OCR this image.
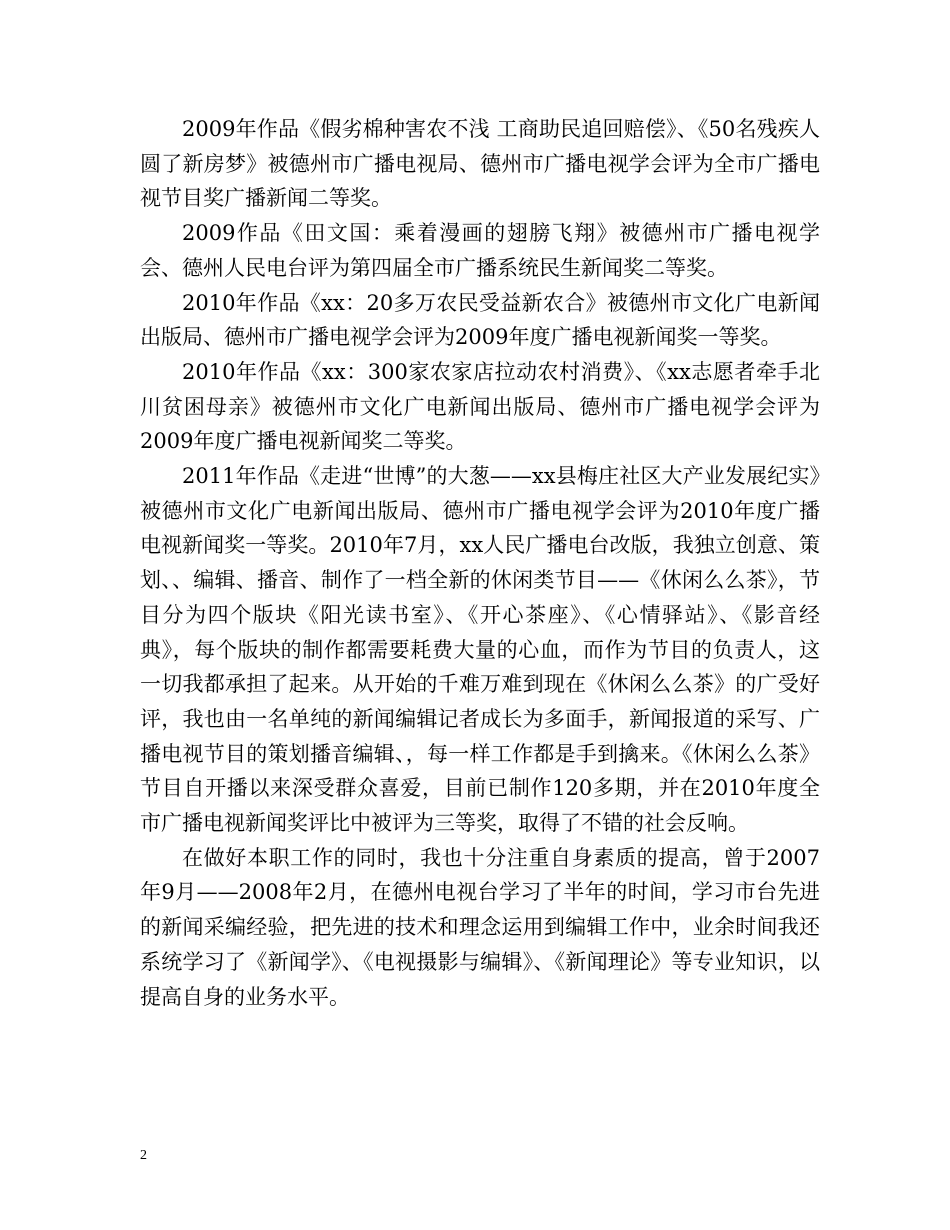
2009年作品《假劣棉种害农不浅 工商助民追回赔偿》、《50名残疾人 圆了新房梦》被德州市广播电视局、德州市广播电视学会评为全市广播电视节目奖广播新闻二等奖。

2009作品《田文国：乘着漫画的翅膀飞翔》被德州市广播电视学会、德州人民电台评为第四届全市广播系统民生新闻奖二等奖。

2010年作品《xx：20多万农民受益新农合》被德州市文化广电新闻出版局、德州市广播电视学会评为2009年度广播电视新闻奖一等奖。

2010年作品《xx：300家农家店拉动农村消费》、《xx志愿者牵手北川贫困母亲》被德州市文化广电新闻出版局、德州市广播电视学会评为2009年度广播电视新闻奖二等奖。

2011年作品《走进“世博”的大葱——xx县梅庄社区大产业发展纪实》被德州市文化广电新闻出版局、德州市广播电视学会评为2010年度广播电视新闻奖一等奖。2010年7月，xx人民广播电台改版，我独立创意、策划、、编辑、播音、制作了一档全新的休闲类节目——《休闲么么茶》，节目分为四个版块《阳光读书室》、《开心茶座》、《心情驿站》、《影音经典》，每个版块的制作都需要耗费大量的心血，而作为节目的负责人，这一切我都承担了起来。从开始的千难万难到现在《休闲么么茶》的广受好评，我也由一名单纯的新闻编辑记者成长为多面手，新闻报道的采写、广播电视节目的策划播音编辑、，每一样工作都是手到擒来。《休闲么么茶》节目自开播以来深受群众喜爱，目前已制作120多期，并在2010年度全市广播电视新闻奖评比中被评为三等奖，取得了不错的社会反响。

在做好本职工作的同时，我也十分注重自身素质的提高，曾于2007年9月——2008年2月，在德州电视台学习了半年的时间，学习市台先进的新闻采编经验，把先进的技术和理念运用到编辑工作中，业余时间我还系统学习了《新闻学》、《电视摄影与编辑》、《新闻理论》等专业知识，以提高自身的业务水平。

2
